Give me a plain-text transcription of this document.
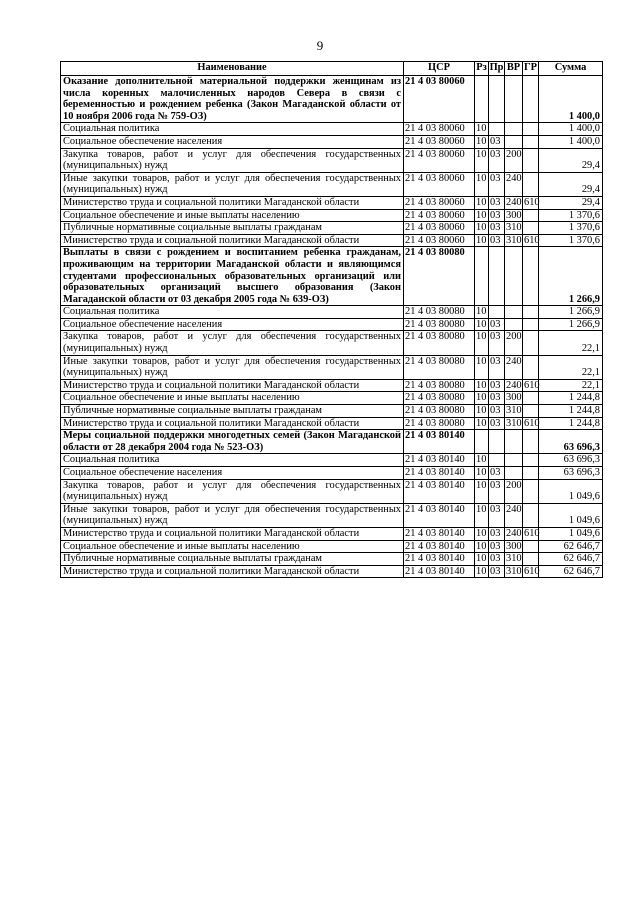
9
Наименование	ЦСР	Рз	Пр	ВР	ГР	Сумма
Оказание дополнительной материальной поддержки женщинам из числа коренных малочисленных народов Севера в связи с беременностью и рождением ребенка (Закон Магаданской области от 10 ноября 2006 года № 759-ОЗ)	21 4 03 80060					1 400,0
Социальная политика	21 4 03 80060	10				1 400,0
Социальное обеспечение населения	21 4 03 80060	10	03			1 400,0
Закупка товаров, работ и услуг для обеспечения государственных (муниципальных) нужд	21 4 03 80060	10	03	200		29,4
Иные закупки товаров, работ и услуг для обеспечения государственных (муниципальных) нужд	21 4 03 80060	10	03	240		29,4
Министерство труда и социальной политики Магаданской области	21 4 03 80060	10	03	240	610	29,4
Социальное обеспечение и иные выплаты населению	21 4 03 80060	10	03	300		1 370,6
Публичные нормативные социальные выплаты гражданам	21 4 03 80060	10	03	310		1 370,6
Министерство труда и социальной политики Магаданской области	21 4 03 80060	10	03	310	610	1 370,6
Выплаты в связи с рождением и воспитанием ребенка гражданам, проживающим на территории Магаданской области и являющимся студентами профессиональных образовательных организаций или образовательных организаций высшего образования (Закон Магаданской области от 03 декабря 2005 года № 639-ОЗ)	21 4 03 80080					1 266,9
Социальная политика	21 4 03 80080	10				1 266,9
Социальное обеспечение населения	21 4 03 80080	10	03			1 266,9
Закупка товаров, работ и услуг для обеспечения государственных (муниципальных) нужд	21 4 03 80080	10	03	200		22,1
Иные закупки товаров, работ и услуг для обеспечения государственных (муниципальных) нужд	21 4 03 80080	10	03	240		22,1
Министерство труда и социальной политики Магаданской области	21 4 03 80080	10	03	240	610	22,1
Социальное обеспечение и иные выплаты населению	21 4 03 80080	10	03	300		1 244,8
Публичные нормативные социальные выплаты гражданам	21 4 03 80080	10	03	310		1 244,8
Министерство труда и социальной политики Магаданской области	21 4 03 80080	10	03	310	610	1 244,8
Меры социальной поддержки многодетных семей (Закон Магаданской области от 28 декабря 2004 года № 523-ОЗ)	21 4 03 80140					63 696,3
Социальная политика	21 4 03 80140	10				63 696,3
Социальное обеспечение населения	21 4 03 80140	10	03			63 696,3
Закупка товаров, работ и услуг для обеспечения государственных (муниципальных) нужд	21 4 03 80140	10	03	200		1 049,6
Иные закупки товаров, работ и услуг для обеспечения государственных (муниципальных) нужд	21 4 03 80140	10	03	240		1 049,6
Министерство труда и социальной политики Магаданской области	21 4 03 80140	10	03	240	610	1 049,6
Социальное обеспечение и иные выплаты населению	21 4 03 80140	10	03	300		62 646,7
Публичные нормативные социальные выплаты гражданам	21 4 03 80140	10	03	310		62 646,7
Министерство труда и социальной политики Магаданской области	21 4 03 80140	10	03	310	610	62 646,7
